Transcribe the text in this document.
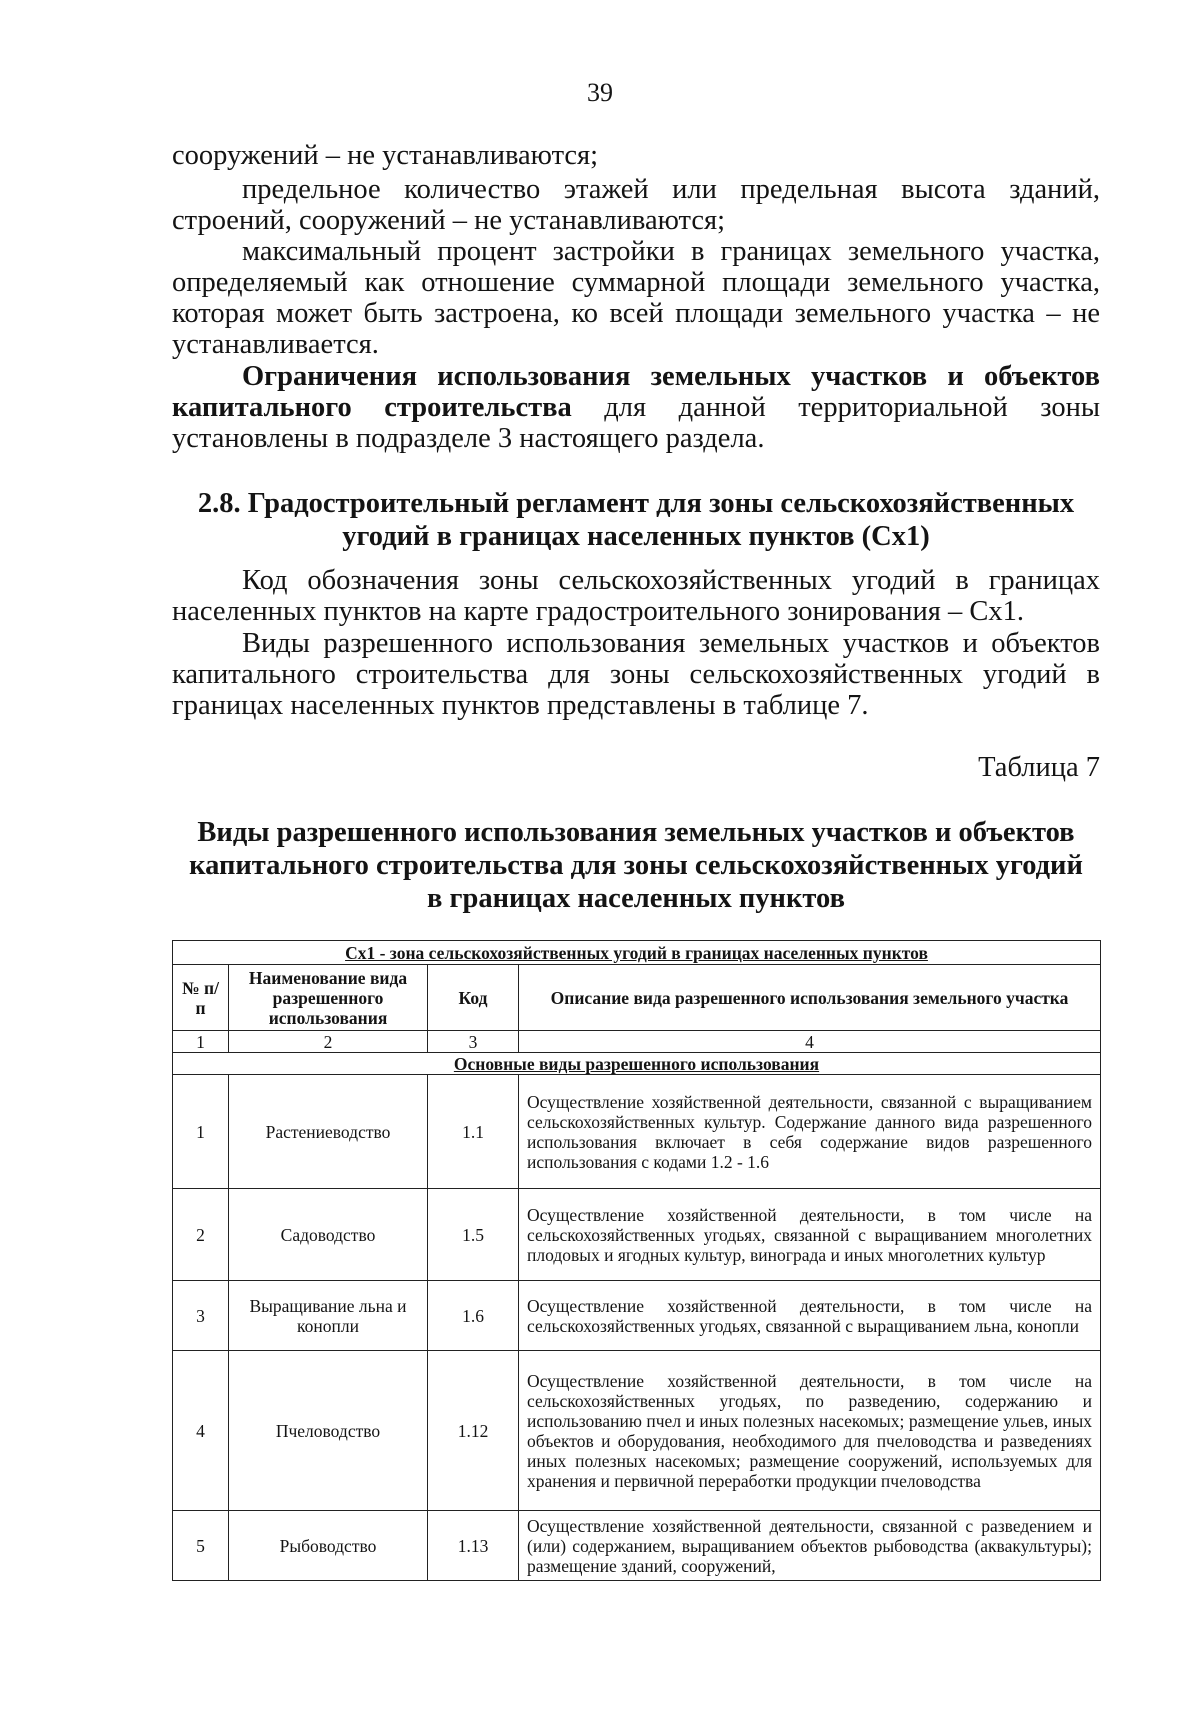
39
сооружений – не устанавливаются;
предельное количество этажей или предельная высота зданий, строений, сооружений – не устанавливаются;
максимальный процент застройки в границах земельного участка, определяемый как отношение суммарной площади земельного участка, которая может быть застроена, ко всей площади земельного участка – не устанавливается.
Ограничения использования земельных участков и объектов капитального строительства для данной территориальной зоны установлены в подразделе 3 настоящего раздела.
2.8. Градостроительный регламент для зоны сельскохозяйственных
угодий в границах населенных пунктов (Сх1)
Код обозначения зоны сельскохозяйственных угодий в границах населенных пунктов на карте градостроительного зонирования – Сх1.
Виды разрешенного использования земельных участков и объектов капитального строительства для зоны сельскохозяйственных угодий в границах населенных пунктов представлены в таблице 7.
Таблица 7
Виды разрешенного использования земельных участков и объектов
капитального строительства для зоны сельскохозяйственных угодий
в границах населенных пунктов
Сх1 - зона сельскохозяйственных угодий в границах населенных пунктов			
№ п/п	Наименование вида разрешенного использования	Код	Описание вида разрешенного использования земельного участка
1	2	3	4
Основные виды разрешенного использования			
1	Растениеводство	1.1	Осуществление хозяйственной деятельности, связанной с выращиванием сельскохозяйственных культур. Содержание данного вида разрешенного использования включает в себя содержание видов разрешенного использования с кодами 1.2 - 1.6
2	Садоводство	1.5	Осуществление хозяйственной деятельности, в том числе на сельскохозяйственных угодьях, связанной с выращиванием многолетних плодовых и ягодных культур, винограда и иных многолетних культур
3	Выращивание льна и конопли	1.6	Осуществление хозяйственной деятельности, в том числе на сельскохозяйственных угодьях, связанной с выращиванием льна, конопли
4	Пчеловодство	1.12	Осуществление хозяйственной деятельности, в том числе на сельскохозяйственных угодьях, по разведению, содержанию и использованию пчел и иных полезных насекомых; размещение ульев, иных объектов и оборудования, необходимого для пчеловодства и разведениях иных полезных насекомых; размещение сооружений, используемых для хранения и первичной переработки продукции пчеловодства
5	Рыбоводство	1.13	Осуществление хозяйственной деятельности, связанной с разведением и (или) содержанием, выращиванием объектов рыбоводства (аквакультуры); размещение зданий, сооружений,
